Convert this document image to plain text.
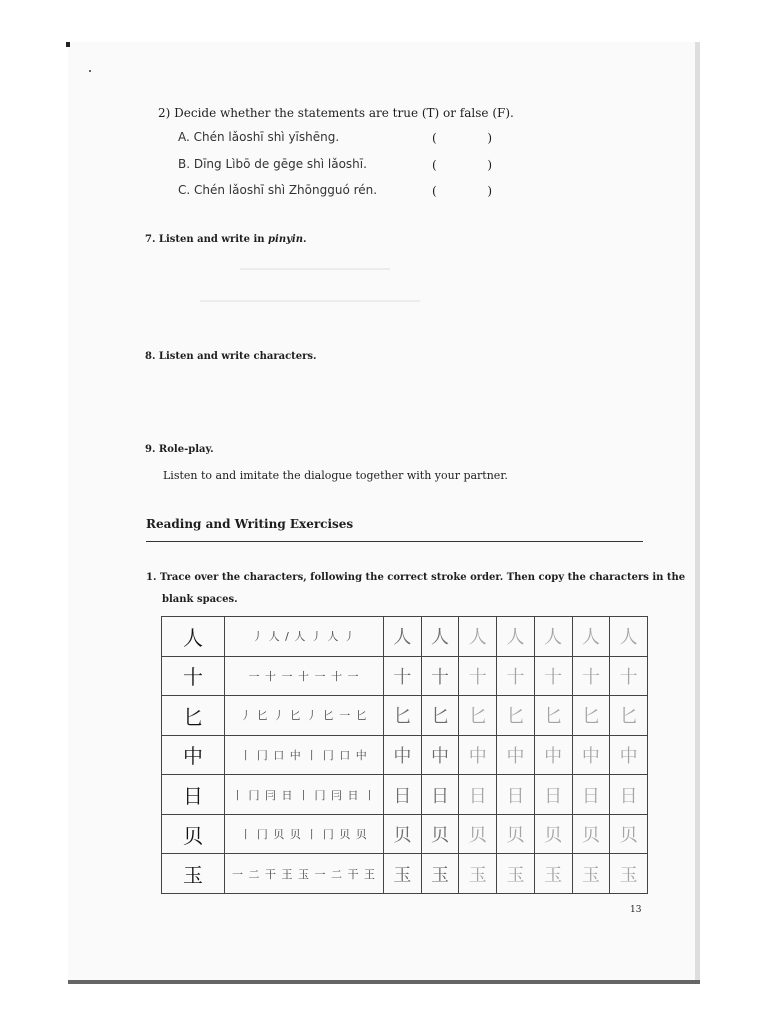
2) Decide whether the statements are true (T) or false (F).
A. Chén lǎoshī shì yīshēng.	(	)
B. Dīng Lìbō de gēge shì lǎoshī.	(	)
C. Chén lǎoshī shì Zhōngguó rén.	(	)
7. Listen and write in pinyin.
8. Listen and write characters.
9. Role-play.
Listen to and imitate the dialogue together with your partner.
Reading and Writing Exercises
1. Trace over the characters, following the correct stroke order. Then copy the characters in the
blank spaces.
人	丿 人 / 人 丿 人 丿	人	人	人	人	人	人	人
十	一 十 一 十 一 十 一	十	十	十	十	十	十	十
匕	丿 匕 丿 匕 丿 匕 一 匕	匕	匕	匕	匕	匕	匕	匕
中	丨 冂 口 中 丨 冂 口 中	中	中	中	中	中	中	中
日	丨 冂 冃 日 丨 冂 冃 日 丨	日	日	日	日	日	日	日
贝	丨 冂 贝 贝 丨 冂 贝 贝	贝	贝	贝	贝	贝	贝	贝
玉	一 二 干 王 玉 一 二 干 王	玉	玉	玉	玉	玉	玉	玉
13
